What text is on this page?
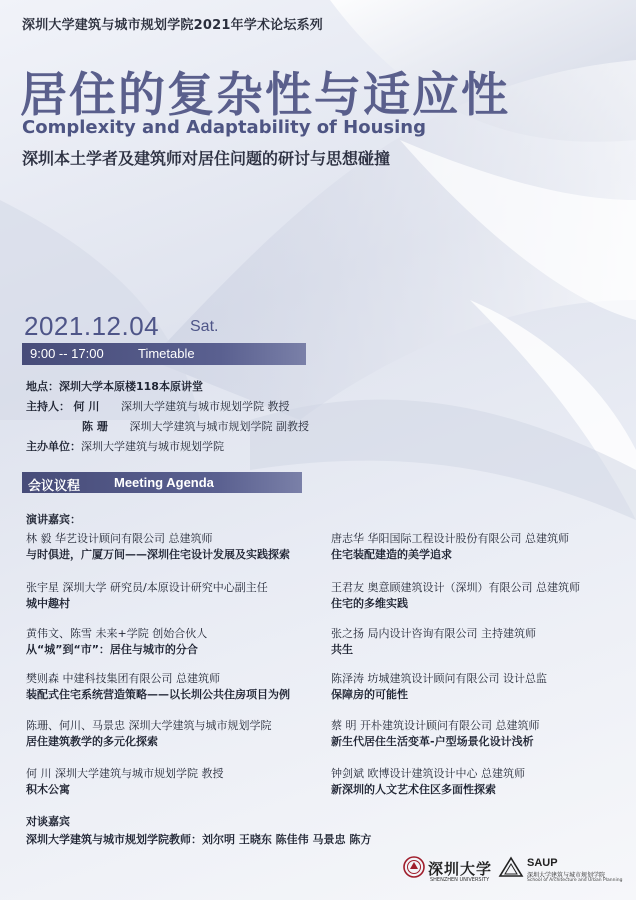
深圳大学建筑与城市规划学院2021年学术论坛系列
居住的复杂性与适应性
Complexity and Adaptability of Housing
深圳本土学者及建筑师对居住问题的研讨与思想碰撞
2021.12.04 Sat.
9:00 -- 17:00	Timetable
地点：深圳大学本原楼118本原讲堂
主持人： 何 川 深圳大学建筑与城市规划学院 教授
陈 珊 深圳大学建筑与城市规划学院 副教授
主办单位：深圳大学建筑与城市规划学院
会议议程	Meeting Agenda
演讲嘉宾：
林 毅 华艺设计顾问有限公司 总建筑师
与时俱进，广厦万间——深圳住宅设计发展及实践探索
张宇星 深圳大学 研究员/本原设计研究中心副主任
城中趣村
黄伟文、陈雪 未来+学院 创始合伙人
从“城”到“市”：居住与城市的分合
樊则森 中建科技集团有限公司 总建筑师
装配式住宅系统营造策略——以长圳公共住房项目为例
陈珊、何川、马景忠 深圳大学建筑与城市规划学院
居住建筑教学的多元化探索
何 川 深圳大学建筑与城市规划学院 教授
积木公寓
唐志华 华阳国际工程设计股份有限公司 总建筑师
住宅装配建造的美学追求
王君友 奥意顾建筑设计（深圳）有限公司 总建筑师
住宅的多维实践
张之扬 局内设计咨询有限公司 主持建筑师
共生
陈泽涛 坊城建筑设计顾问有限公司 设计总监
保障房的可能性
蔡 明 开朴建筑设计顾问有限公司 总建筑师
新生代居住生活变革-户型场景化设计浅析
钟剑斌 欧博设计建筑设计中心 总建筑师
新深圳的人文艺术住区多面性探索
对谈嘉宾
深圳大学建筑与城市规划学院教师：刘尔明 王晓东 陈佳伟 马景忠 陈方
深圳大学
SHENZHEN UNIVERSITY
SAUP
深圳大学建筑与城市规划学院
School of Architecture and Urban Planning
